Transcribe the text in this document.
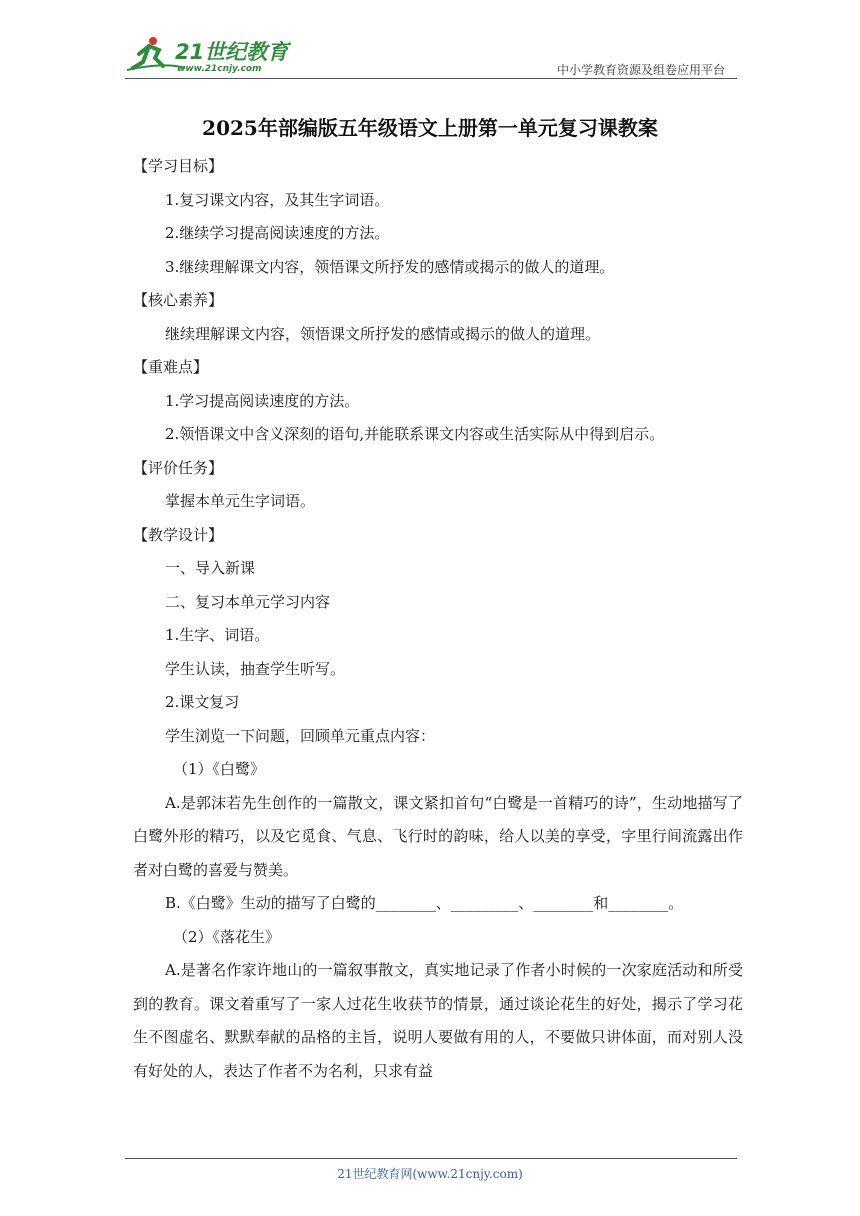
21世纪教育
www.21cnjy.com	中小学教育资源及组卷应用平台
2025年部编版五年级语文上册第一单元复习课教案

【学习目标】

1.复习课文内容，及其生字词语。

2.继续学习提高阅读速度的方法。

3.继续理解课文内容，领悟课文所抒发的感情或揭示的做人的道理。

【核心素养】

继续理解课文内容，领悟课文所抒发的感情或揭示的做人的道理。

【重难点】

1.学习提高阅读速度的方法。

2.领悟课文中含义深刻的语句,并能联系课文内容或生活实际从中得到启示。

【评价任务】

掌握本单元生字词语。

【教学设计】

一、导入新课

二、复习本单元学习内容

1.生字、词语。

学生认读，抽查学生听写。

2.课文复习

学生浏览一下问题，回顾单元重点内容：

（1）《白鹭》

A.是郭沫若先生创作的一篇散文，课文紧扣首句“白鹭是一首精巧的诗”，生动地描写了白鹭外形的精巧，以及它觅食、气息、飞行时的韵味，给人以美的享受，字里行间流露出作者对白鹭的喜爱与赞美。

B.《白鹭》生动的描写了白鹭的________、_________、________和________。

（2）《落花生》

A.是著名作家许地山的一篇叙事散文，真实地记录了作者小时候的一次家庭活动和所受到的教育。课文着重写了一家人过花生收获节的情景，通过谈论花生的好处，揭示了学习花生不图虚名、默默奉献的品格的主旨，说明人要做有用的人，不要做只讲体面，而对别人没有好处的人，表达了作者不为名利，只求有益

21世纪教育网(www.21cnjy.com)
